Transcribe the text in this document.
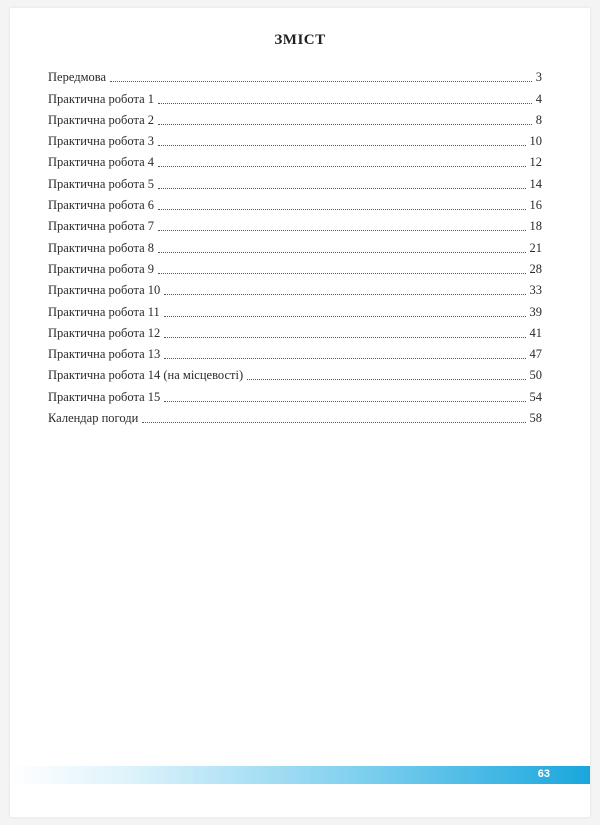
ЗМІСТ
Передмова	3
Практична робота 1	4
Практична робота 2	8
Практична робота 3	10
Практична робота 4	12
Практична робота 5	14
Практична робота 6	16
Практична робота 7	18
Практична робота 8	21
Практична робота 9	28
Практична робота 10	33
Практична робота 11	39
Практична робота 12	41
Практична робота 13	47
Практична робота 14 (на місцевості)	50
Практична робота 15	54
Календар погоди	58
63
